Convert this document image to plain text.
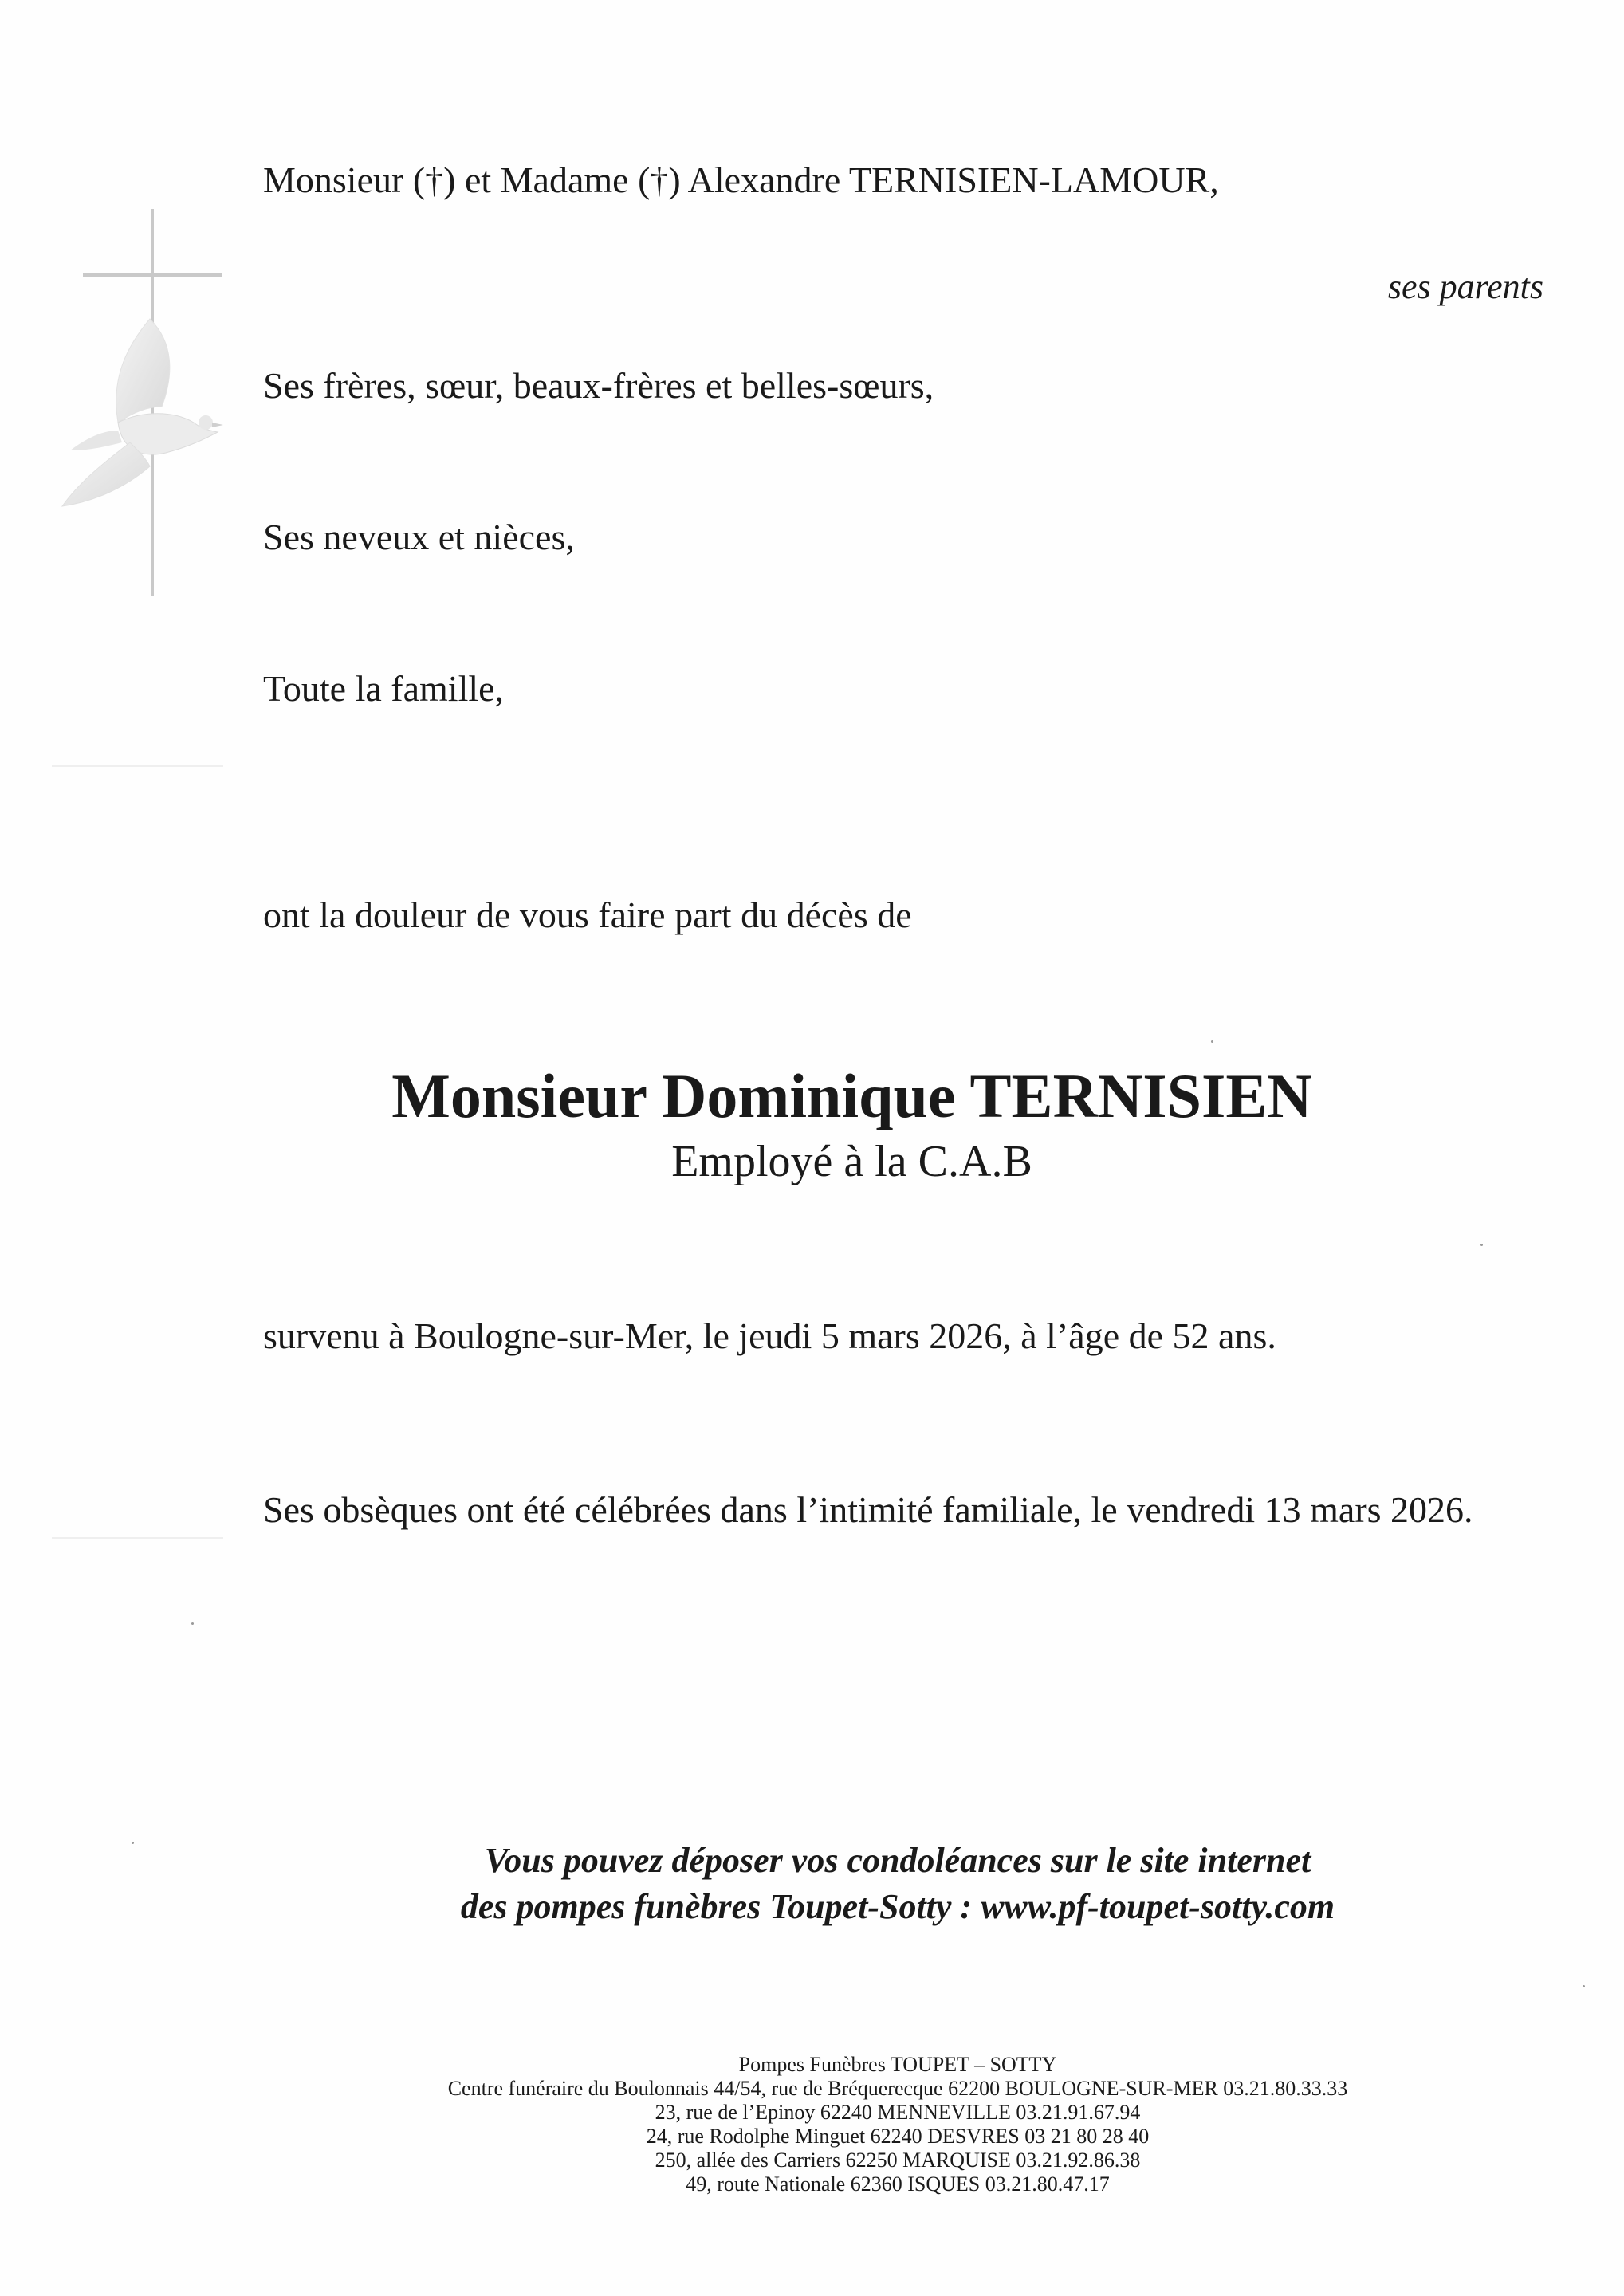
Monsieur (†) et Madame (†) Alexandre TERNISIEN-LAMOUR,
ses parents
Ses frères, sœur, beaux-frères et belles-sœurs,
Ses neveux et nièces,
Toute la famille,
ont la douleur de vous faire part du décès de
Monsieur Dominique TERNISIEN
Employé à la C.A.B
survenu à Boulogne-sur-Mer, le jeudi 5 mars 2026, à l’âge de 52 ans.
Ses obsèques ont été célébrées dans l’intimité familiale, le vendredi 13 mars 2026.
Vous pouvez déposer vos condoléances sur le site internet
des pompes funèbres Toupet-Sotty : www.pf-toupet-sotty.com
Pompes Funèbres TOUPET – SOTTY
Centre funéraire du Boulonnais 44/54, rue de Bréquerecque 62200 BOULOGNE-SUR-MER 03.21.80.33.33
23, rue de l’Epinoy 62240 MENNEVILLE 03.21.91.67.94
24, rue Rodolphe Minguet 62240 DESVRES 03 21 80 28 40
250, allée des Carriers 62250 MARQUISE 03.21.92.86.38
49, route Nationale 62360 ISQUES 03.21.80.47.17
